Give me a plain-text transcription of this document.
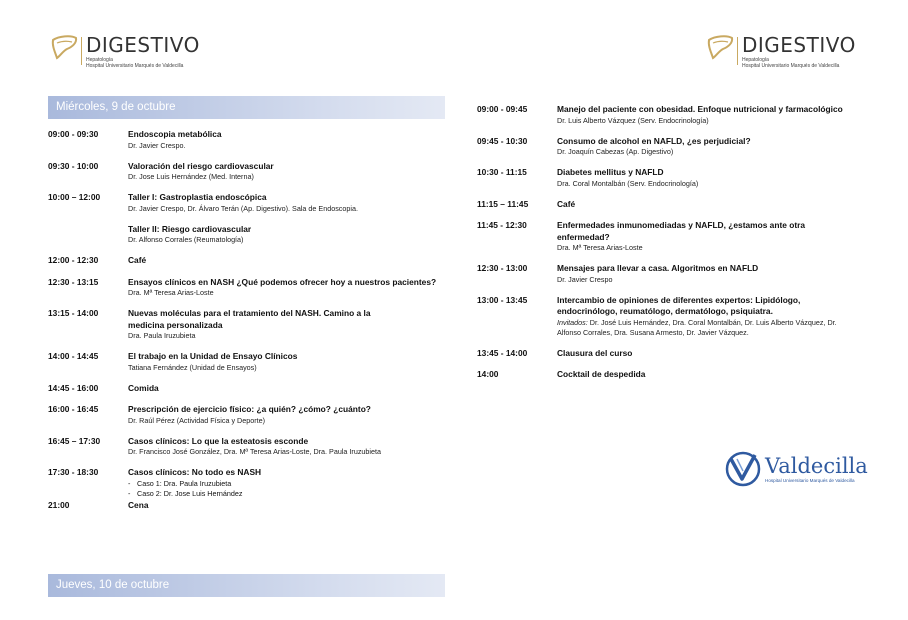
DIGESTIVO
Hepatología
Hospital Universitario Marqués de Valdecilla
DIGESTIVO
Hepatología
Hospital Universitario Marqués de Valdecilla
Miércoles, 9 de octubre
09:00 - 09:30	Endoscopia metabólica
Dr. Javier Crespo.
09:30 - 10:00	Valoración del riesgo cardiovascular
Dr. Jose Luis Hernández (Med. Interna)
10:00 – 12:00	Taller I: Gastroplastia endoscópica
Dr. Javier Crespo, Dr. Álvaro Terán (Ap. Digestivo). Sala de Endoscopia.
Taller II: Riesgo cardiovascular
Dr. Alfonso Corrales (Reumatología)
12:00 - 12:30	Café
12:30 - 13:15	Ensayos clínicos en NASH ¿Qué podemos ofrecer hoy a nuestros pacientes?
Dra. Mª Teresa Arias-Loste
13:15 - 14:00	Nuevas moléculas para el tratamiento del NASH. Camino a la medicina personalizada
Dra. Paula Iruzubieta
14:00 - 14:45	El trabajo en la Unidad de Ensayo Clínicos
Tatiana Fernández (Unidad de Ensayos)
14:45 - 16:00	Comida
16:00 - 16:45	Prescripción de ejercicio físico: ¿a quién? ¿cómo? ¿cuánto?
Dr. Raúl Pérez (Actividad Física y Deporte)
16:45 – 17:30	Casos clínicos: Lo que la esteatosis esconde
Dr. Francisco José González, Dra. Mª Teresa Arias-Loste, Dra. Paula Iruzubieta
17:30 - 18:30	Casos clínicos: No todo es NASH
- Caso 1: Dra. Paula Iruzubieta
- Caso 2: Dr. Jose Luis Hernández
21:00	Cena
Jueves, 10 de octubre
09:00 - 09:45	Manejo del paciente con obesidad. Enfoque nutricional y farmacológico
Dr. Luis Alberto Vázquez (Serv. Endocrinología)
09:45 - 10:30	Consumo de alcohol en NAFLD, ¿es perjudicial?
Dr. Joaquín Cabezas (Ap. Digestivo)
10:30 - 11:15	Diabetes mellitus y NAFLD
Dra. Coral Montalbán (Serv. Endocrinología)
11:15 – 11:45	Café
11:45 - 12:30	Enfermedades inmunomediadas y NAFLD, ¿estamos ante otra enfermedad?
Dra. Mª Teresa Arias-Loste
12:30 - 13:00	Mensajes para llevar a casa. Algoritmos en NAFLD
Dr. Javier Crespo
13:00 - 13:45	Intercambio de opiniones de diferentes expertos: Lipidólogo, endocrinólogo, reumatólogo, dermatólogo, psiquiatra.
Invitados: Dr. José Luis Hernández, Dra. Coral Montalbán, Dr. Luis Alberto Vázquez, Dr. Alfonso Corrales, Dra. Susana Armesto, Dr. Javier Vázquez.
13:45 - 14:00	Clausura del curso
14:00	Cocktail de despedida
Valdecilla
Hospital Universitario Marqués de Valdecilla
